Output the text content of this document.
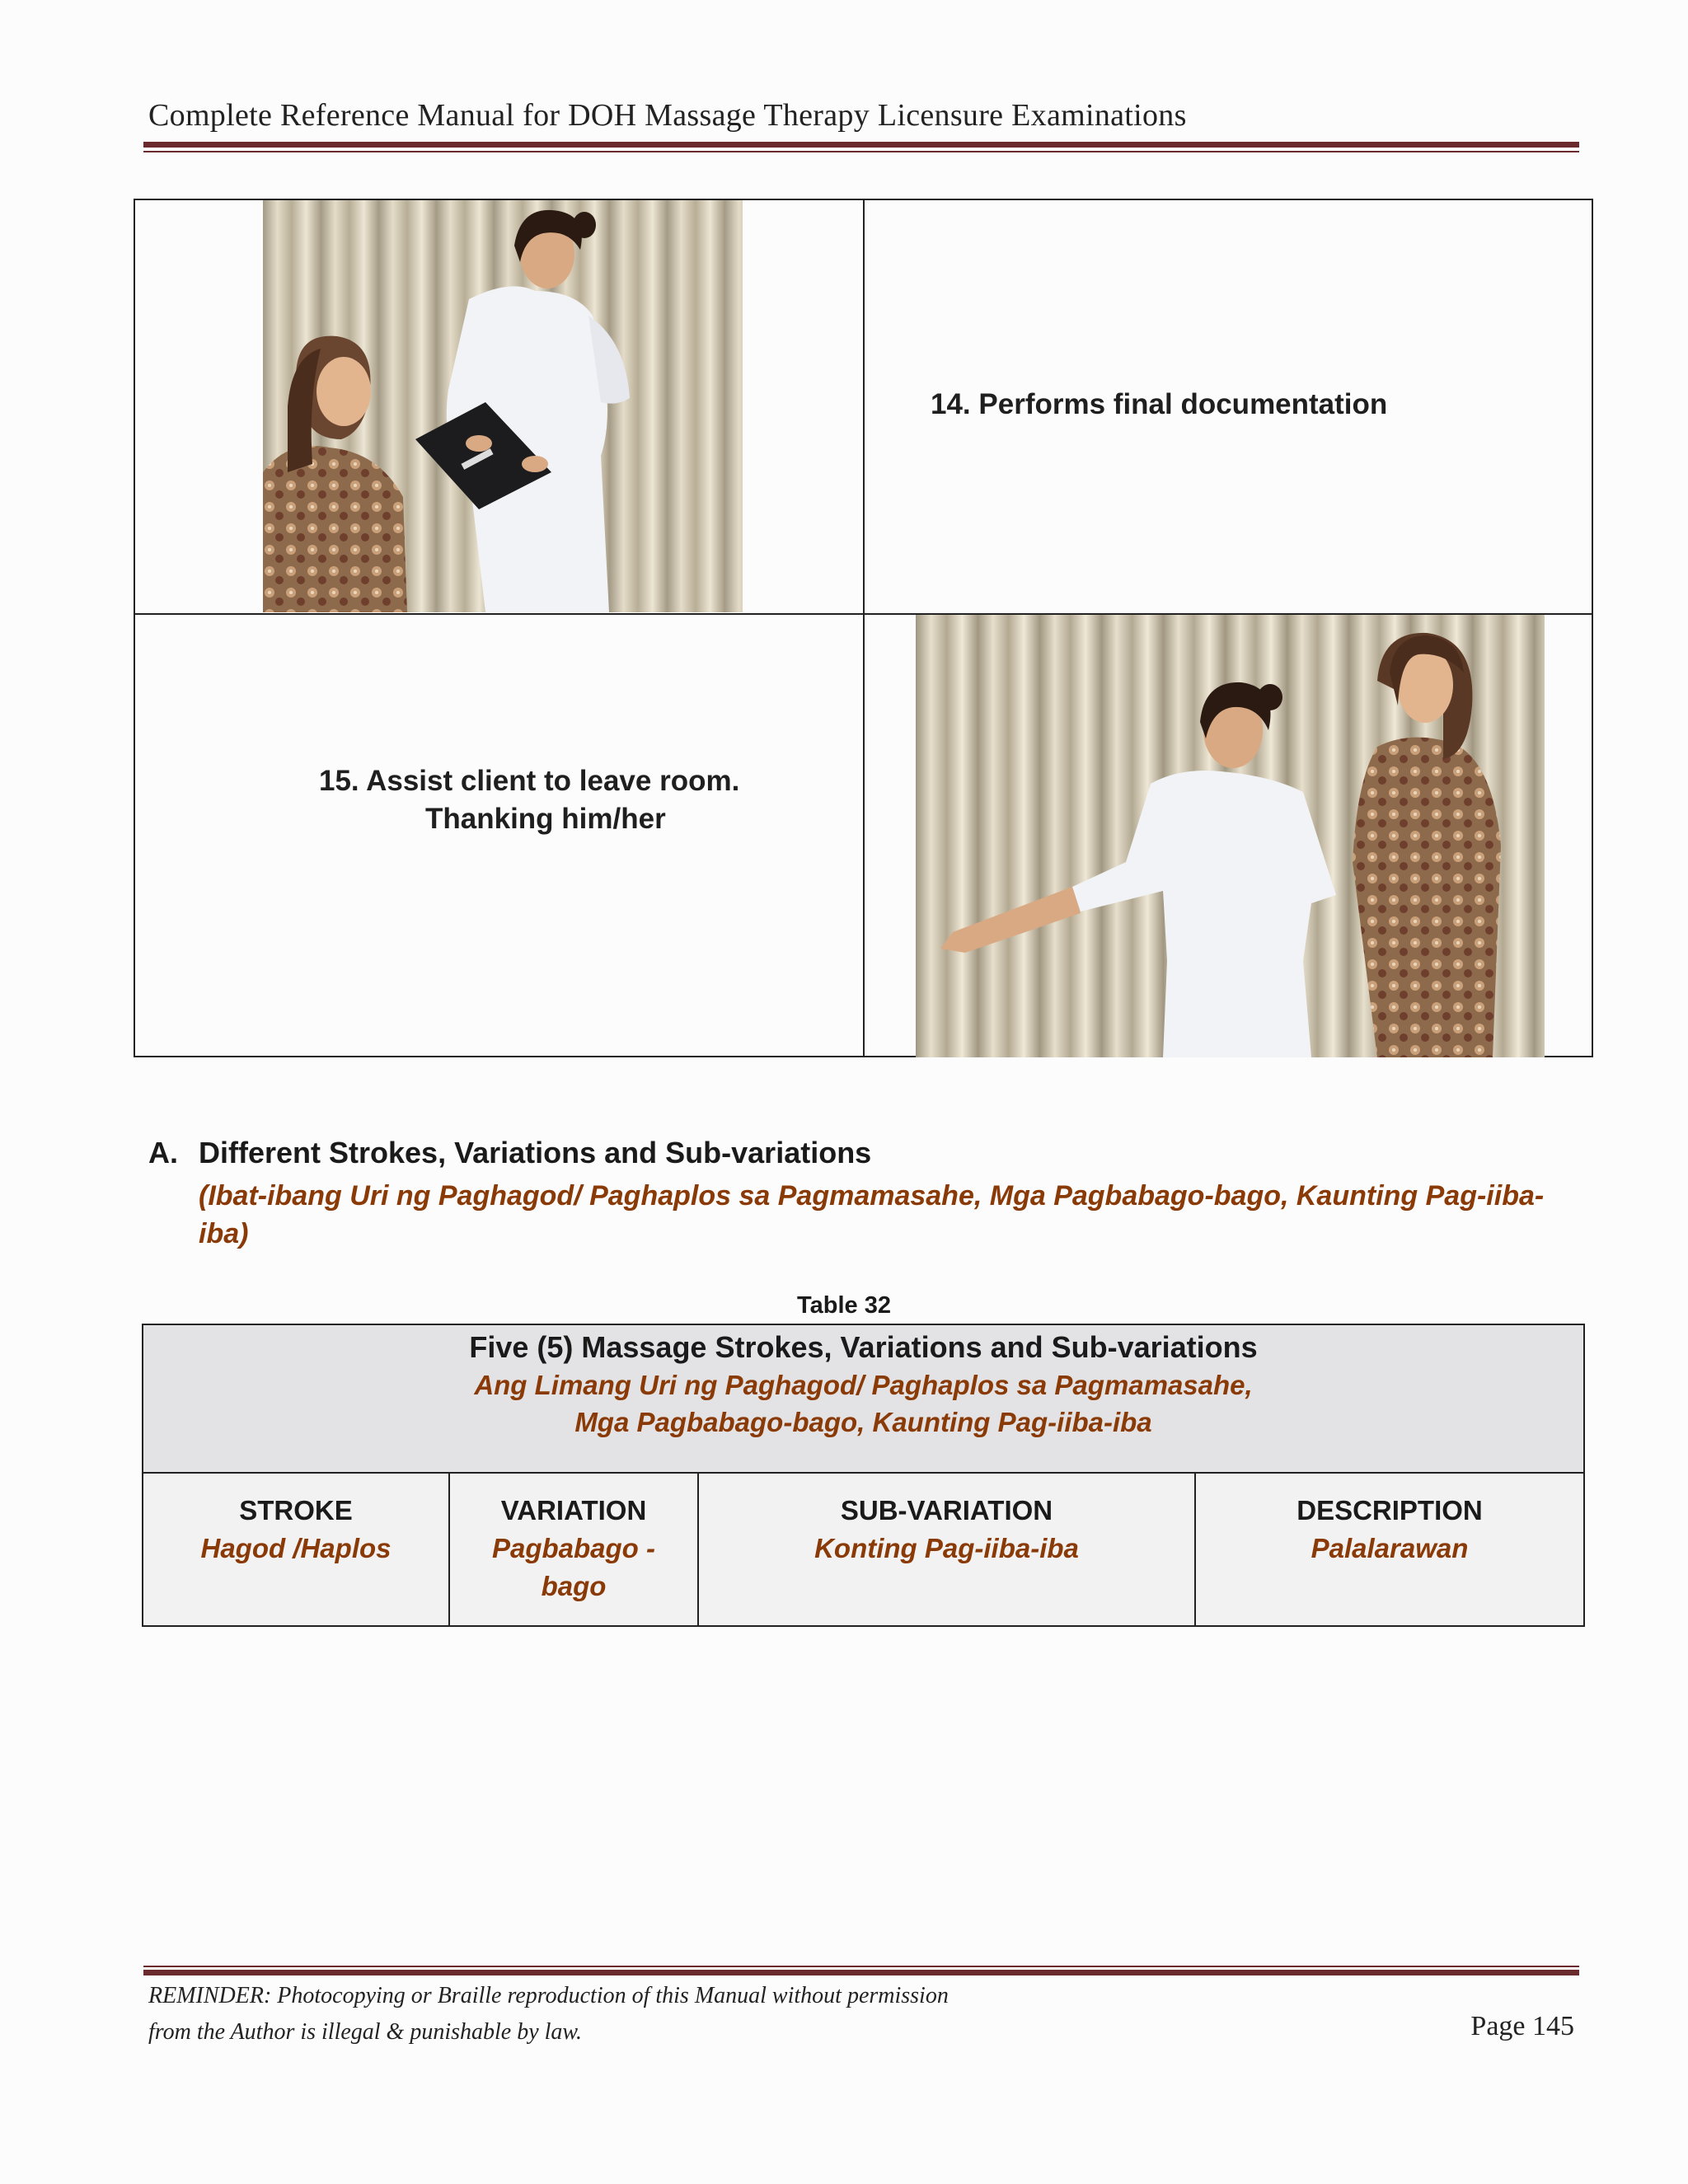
Complete Reference Manual for DOH Massage Therapy Licensure Examinations
14. Performs final documentation
15. Assist client to leave room.
Thanking him/her
A. Different Strokes, Variations and Sub-variations
(Ibat-ibang Uri ng Paghagod/ Paghaplos sa Pagmamasahe, Mga Pagbabago-bago, Kaunting Pag-iiba-iba)
Table 32
Five (5) Massage Strokes, Variations and Sub-variations
Ang Limang Uri ng Paghagod/ Paghaplos sa Pagmamasahe,
Mga Pagbabago-bago, Kaunting Pag-iiba-iba
STROKE
Hagod /Haplos
VARIATION
Pagbabago -bago
SUB-VARIATION
Konting Pag-iiba-iba
DESCRIPTION
Palalarawan
REMINDER: Photocopying or Braille reproduction of this Manual without permission
from the Author is illegal & punishable by law.	Page 145
